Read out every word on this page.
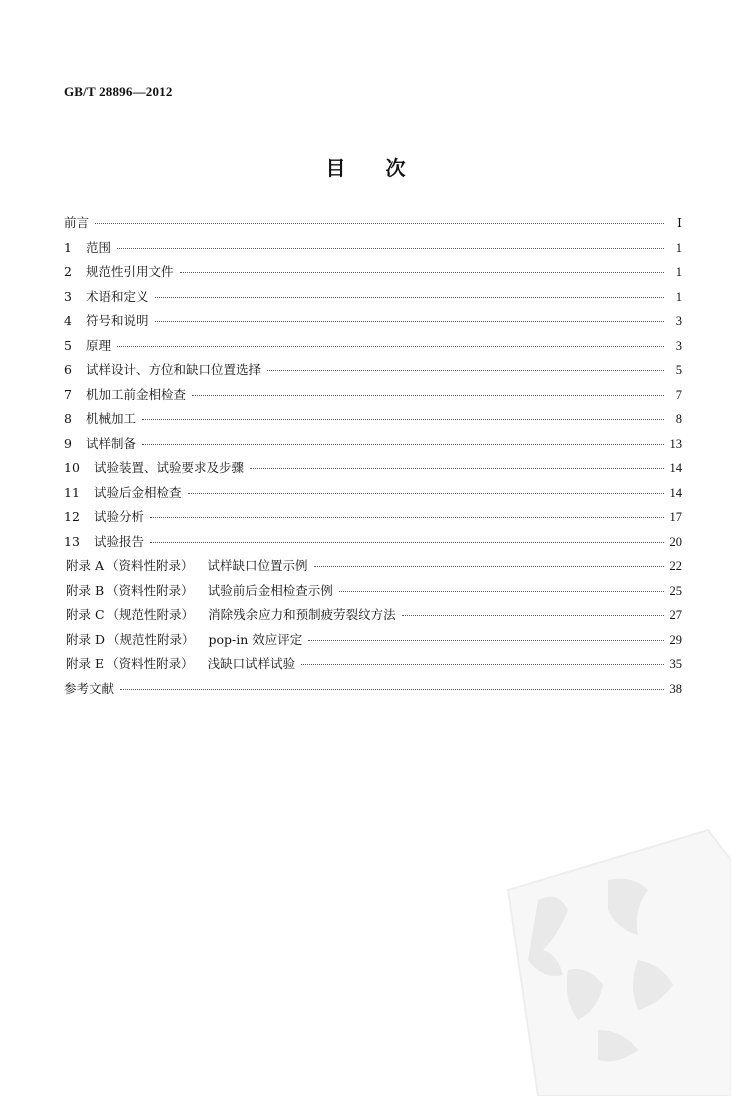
GB/T 28896—2012
目　　次
前言	Ⅰ
1 范围	1
2 规范性引用文件	1
3 术语和定义	1
4 符号和说明	3
5 原理	3
6 试样设计、方位和缺口位置选择	5
7 机加工前金相检查	7
8 机械加工	8
9 试样制备	13
10 试验装置、试验要求及步骤	14
11 试验后金相检查	14
12 试验分析	17
13 试验报告	20
附录 A （资料性附录） 试样缺口位置示例	22
附录 B （资料性附录） 试验前后金相检查示例	25
附录 C （规范性附录） 消除残余应力和预制疲劳裂纹方法	27
附录 D （规范性附录） pop-in 效应评定	29
附录 E （资料性附录） 浅缺口试样试验	35
参考文献	38
